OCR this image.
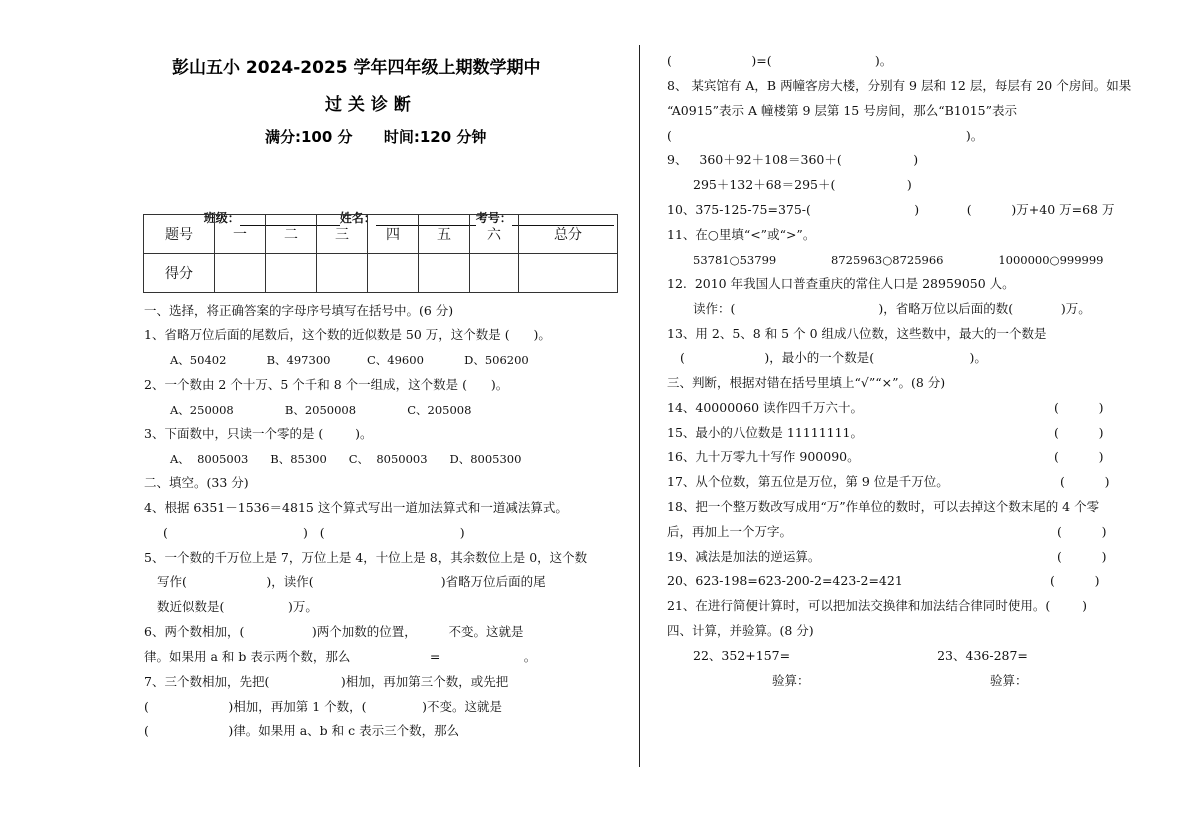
彭山五小 2024-2025 学年四年级上期数学期中
过 关 诊 断
满分:100 分      时间:120 分钟

班级：	姓名：	考号：

题号	一	二	三	四	五	六	总分
得分							
一、选择，将正确答案的字母序号填写在括号中。(6 分)
1、省略万位后面的尾数后，这个数的近似数是 50 万，这个数是 (      )。
A、50402           B、497300          C、49600           D、506200
2、一个数由 2 个十万、5 个千和 8 个一组成，这个数是 (      )。
A、250008              B、2050008              C、205008
3、下面数中，只读一个零的是 (        )。
A、  8005003      B、85300      C、  8050003      D、8005300
二、填空。(33 分)
4、根据 6351－1536＝4815 这个算式写出一道加法算式和一道减法算式。
(                                  )   (                                  )
5、一个数的千万位上是 7，万位上是 4，十位上是 8，其余数位上是 0，这个数
写作(                    )，读作(                                )省略万位后面的尾
数近似数是(                )万。
6、两个数相加，(                 )两个加数的位置，        不变。这就是
律。如果用 a 和 b 表示两个数，那么                    =                     。
7、三个数相加，先把(                  )相加，再加第三个数，或先把
(                    )相加，再加第 1 个数，(              )不变。这就是
(                    )律。如果用 a、b 和 c 表示三个数，那么
(                    )=(                          )。
8、 某宾馆有 A，B 两幢客房大楼，分别有 9 层和 12 层，每层有 20 个房间。如果
“A0915”表示 A 幢楼第 9 层第 15 号房间，那么“B1015”表示
(                                                                          )。
9、   360＋92＋108＝360＋(                  )
295＋132＋68＝295＋(                  )
10、375-125-75=375-(                          )            (          )万+40 万=68 万
11、在○里填“<”或“>”。
53781○53799               8725963○8725966               1000000○999999
12.  2010 年我国人口普查重庆的常住人口是 28959050 人。
读作：(                                    )，省略万位以后面的数(            )万。
13、用 2、5、8 和 5 个 0 组成八位数，这些数中，最大的一个数是
(                    )，最小的一个数是(                        )。
三、判断，根据对错在括号里填上“√”“×”。(8 分)
14、40000060 读作四千万六十。	(          )
15、最小的八位数是 11111111。	(          )
16、九十万零九十写作 900090。	(          )
17、从个位数，第五位是万位，第 9 位是千万位。	(          )
18、把一个整万数改写成用“万”作单位的数时，可以去掉这个数末尾的 4 个零
后，再加上一个万字。	(          )
19、减法是加法的逆运算。	(          )
20、623-198=623-200-2=423-2=421	(          )
21、在进行简便计算时，可以把加法交换律和加法结合律同时使用。(        )
四、计算，并验算。(8 分)
22、352+157=                                     23、436-287=
验算：	验算：
